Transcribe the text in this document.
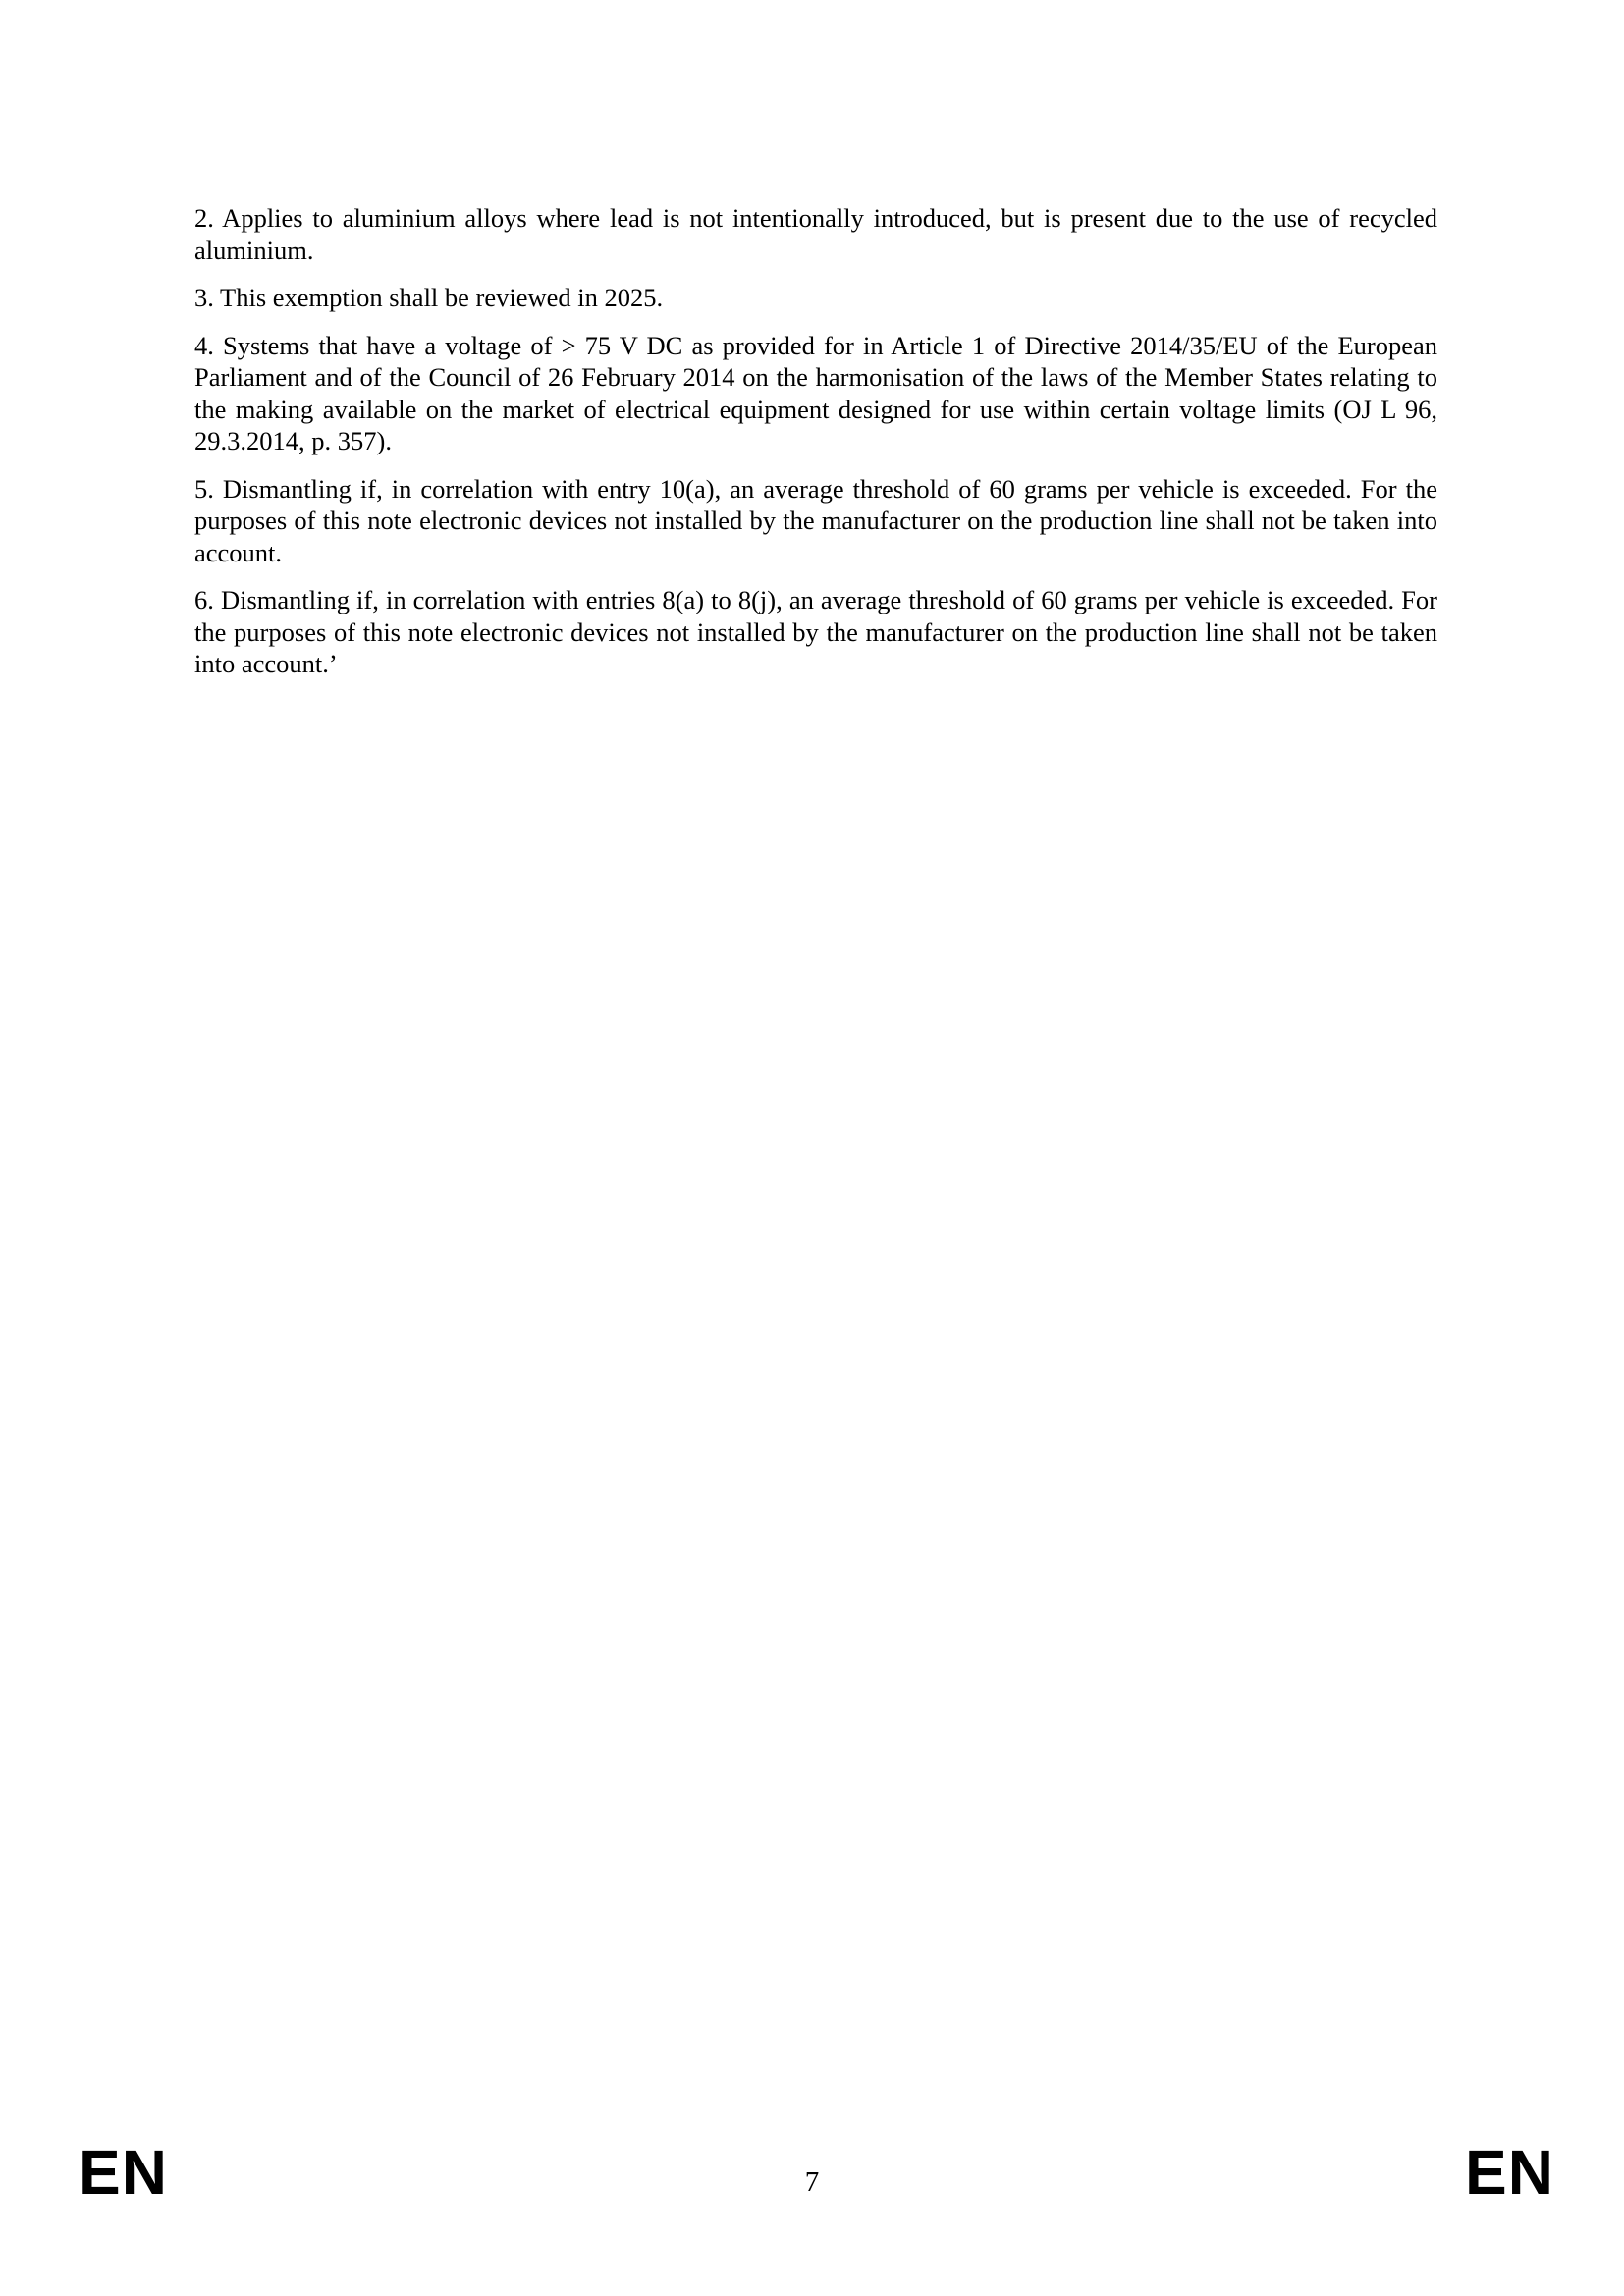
2. Applies to aluminium alloys where lead is not intentionally introduced, but is present due to the use of recycled aluminium.

3. This exemption shall be reviewed in 2025.

4. Systems that have a voltage of > 75 V DC as provided for in Article 1 of Directive 2014/35/EU of the European Parliament and of the Council of 26 February 2014 on the harmonisation of the laws of the Member States relating to the making available on the market of electrical equipment designed for use within certain voltage limits (OJ L 96, 29.3.2014, p. 357).

5. Dismantling if, in correlation with entry 10(a), an average threshold of 60 grams per vehicle is exceeded. For the purposes of this note electronic devices not installed by the manufacturer on the production line shall not be taken into account.

6. Dismantling if, in correlation with entries 8(a) to 8(j), an average threshold of 60 grams per vehicle is exceeded. For the purposes of this note electronic devices not installed by the manufacturer on the production line shall not be taken into account.’

EN	7	EN
